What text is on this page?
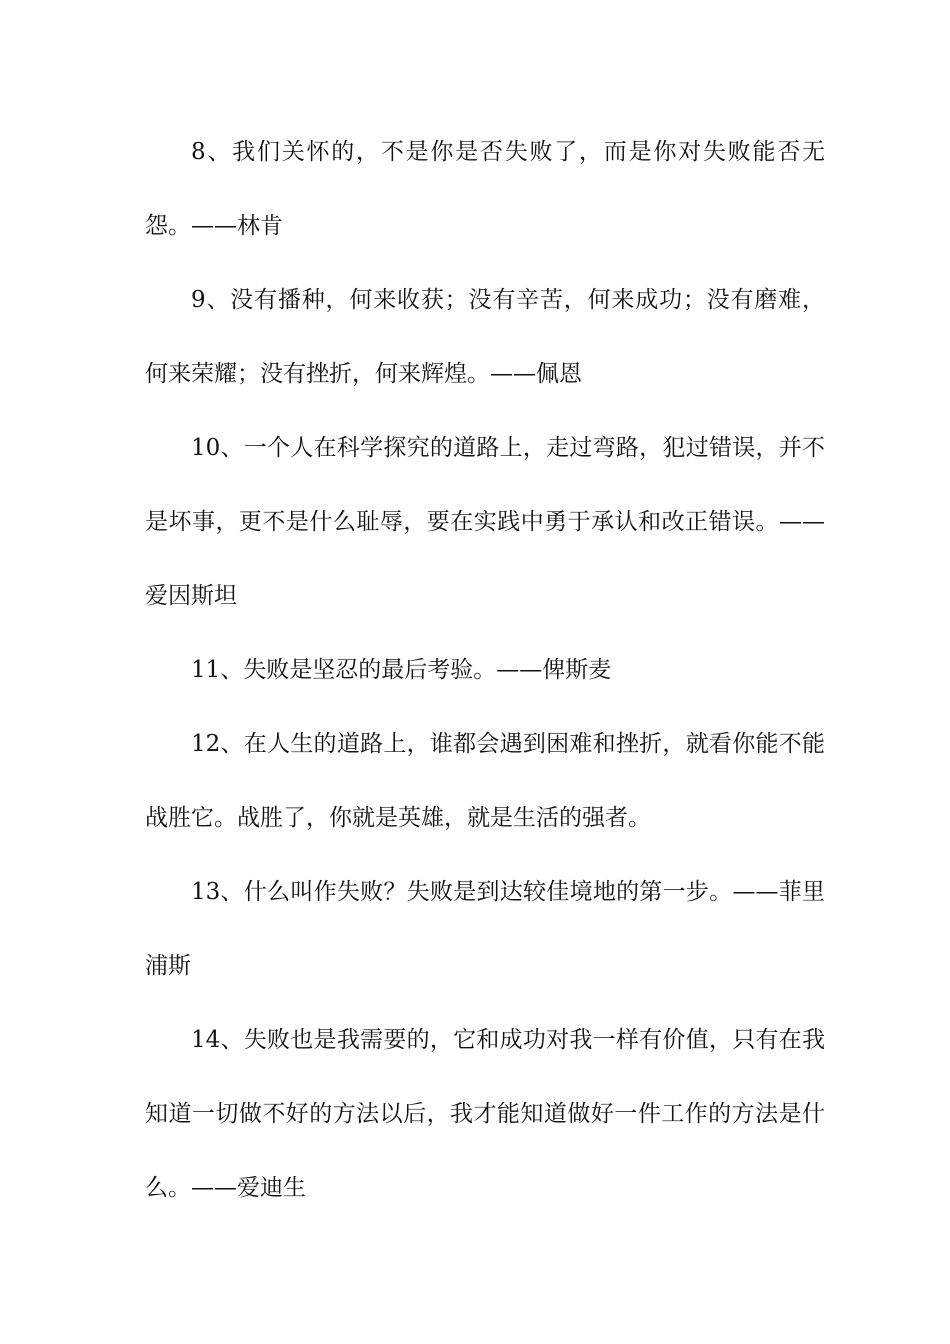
8、我们关怀的，不是你是否失败了，而是你对失败能否无怨。——林肯

9、没有播种，何来收获；没有辛苦，何来成功；没有磨难，何来荣耀；没有挫折，何来辉煌。——佩恩

10、一个人在科学探究的道路上，走过弯路，犯过错误，并不是坏事，更不是什么耻辱，要在实践中勇于承认和改正错误。——爱因斯坦

11、失败是坚忍的最后考验。——俾斯麦

12、在人生的道路上，谁都会遇到困难和挫折，就看你能不能战胜它。战胜了，你就是英雄，就是生活的强者。

13、什么叫作失败？失败是到达较佳境地的第一步。——菲里浦斯

14、失败也是我需要的，它和成功对我一样有价值，只有在我知道一切做不好的方法以后，我才能知道做好一件工作的方法是什么。——爱迪生
